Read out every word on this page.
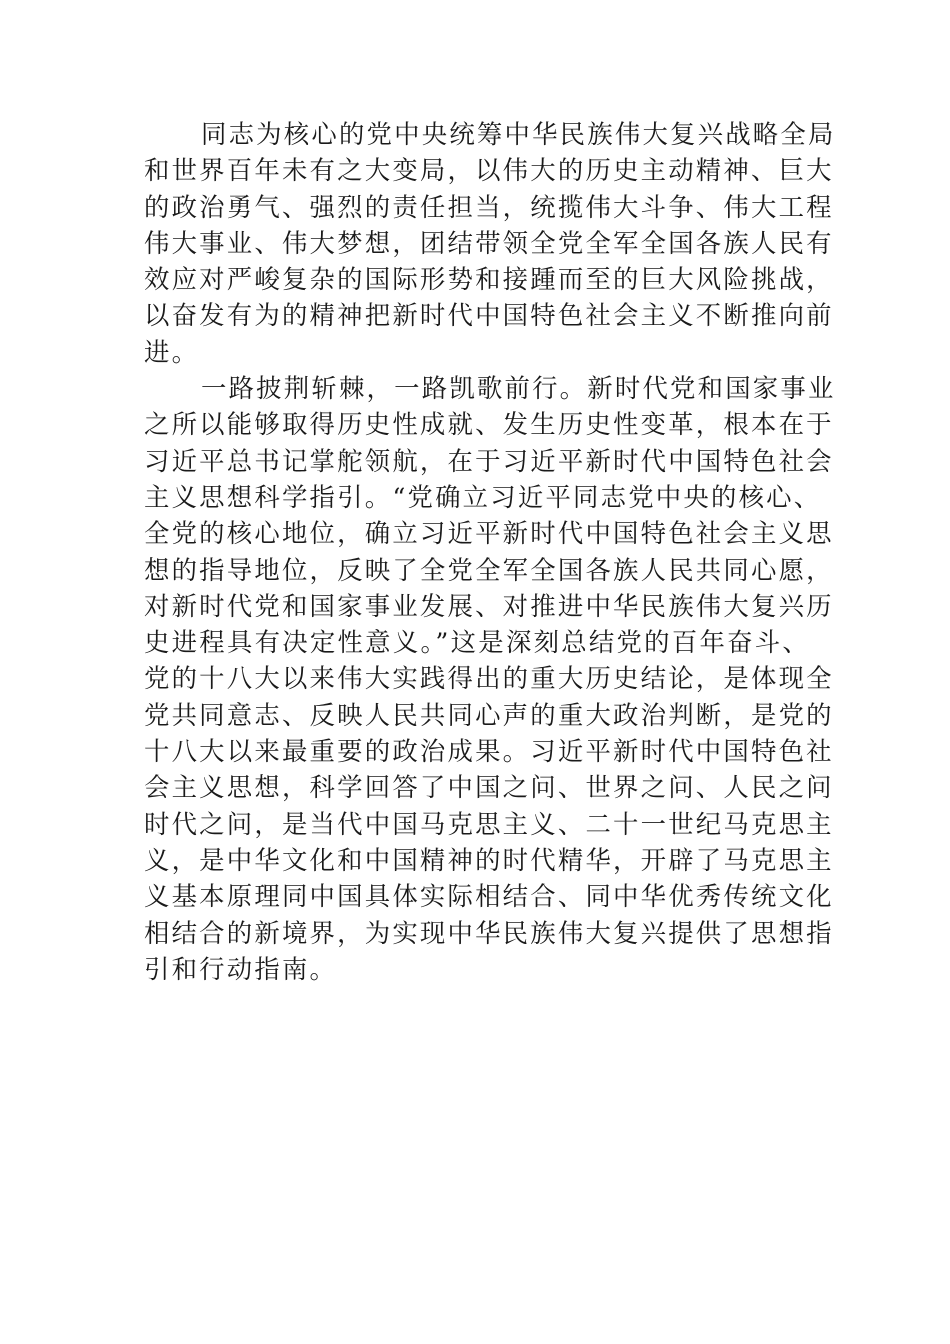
同志为核心的党中央统筹中华民族伟大复兴战略全局
和世界百年未有之大变局，以伟大的历史主动精神、巨大
的政治勇气、强烈的责任担当，统揽伟大斗争、伟大工程
伟大事业、伟大梦想，团结带领全党全军全国各族人民有
效应对严峻复杂的国际形势和接踵而至的巨大风险挑战，
以奋发有为的精神把新时代中国特色社会主义不断推向前
进。
一路披荆斩棘，一路凯歌前行。新时代党和国家事业
之所以能够取得历史性成就、发生历史性变革，根本在于
习近平总书记掌舵领航，在于习近平新时代中国特色社会
主义思想科学指引。“党确立习近平同志党中央的核心、
全党的核心地位，确立习近平新时代中国特色社会主义思
想的指导地位，反映了全党全军全国各族人民共同心愿，
对新时代党和国家事业发展、对推进中华民族伟大复兴历
史进程具有决定性意义。”这是深刻总结党的百年奋斗、
党的十八大以来伟大实践得出的重大历史结论，是体现全
党共同意志、反映人民共同心声的重大政治判断，是党的
十八大以来最重要的政治成果。习近平新时代中国特色社
会主义思想，科学回答了中国之问、世界之问、人民之问
时代之问，是当代中国马克思主义、二十一世纪马克思主
义，是中华文化和中国精神的时代精华，开辟了马克思主
义基本原理同中国具体实际相结合、同中华优秀传统文化
相结合的新境界，为实现中华民族伟大复兴提供了思想指
引和行动指南。
